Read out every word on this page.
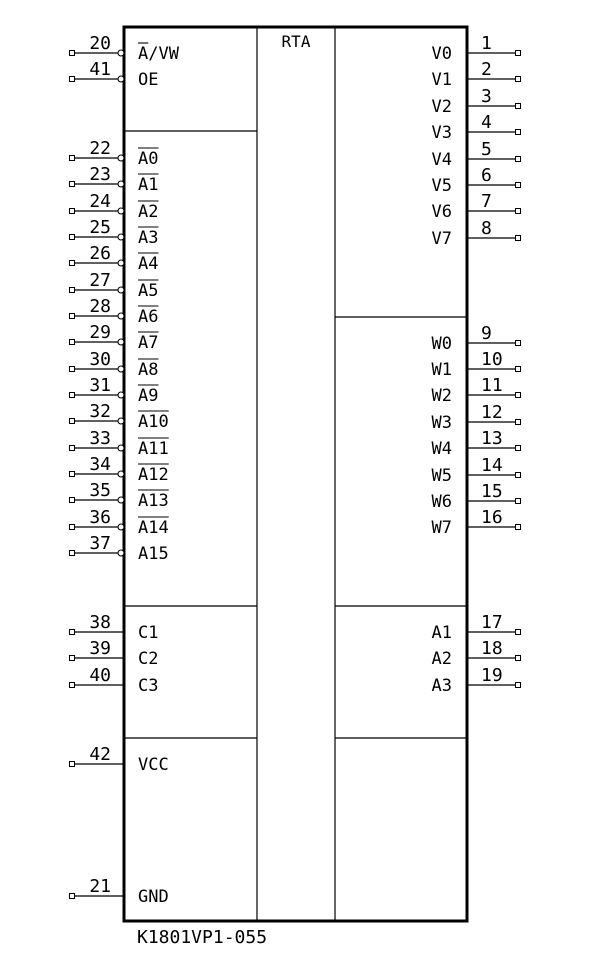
RTA
K1801VP1-055
20 A/VW
41 OE
22 A0
23 A1
24 A2
25 A3
26 A4
27 A5
28 A6
29 A7
30 A8
31 A9
32 A10
33 A11
34 A12
35 A13
36 A14
37 A15
38 C1
39 C2
40 C3
42 VCC
21 GND
1
V0
2
V1
3
V2
4
V3
5
V4
6
V5
7
V6
8
V7
9
W0
10
W1
11
W2
12
W3
13
W4
14
W5
15
W6
16
W7
17
A1
18
A2
19
A3
